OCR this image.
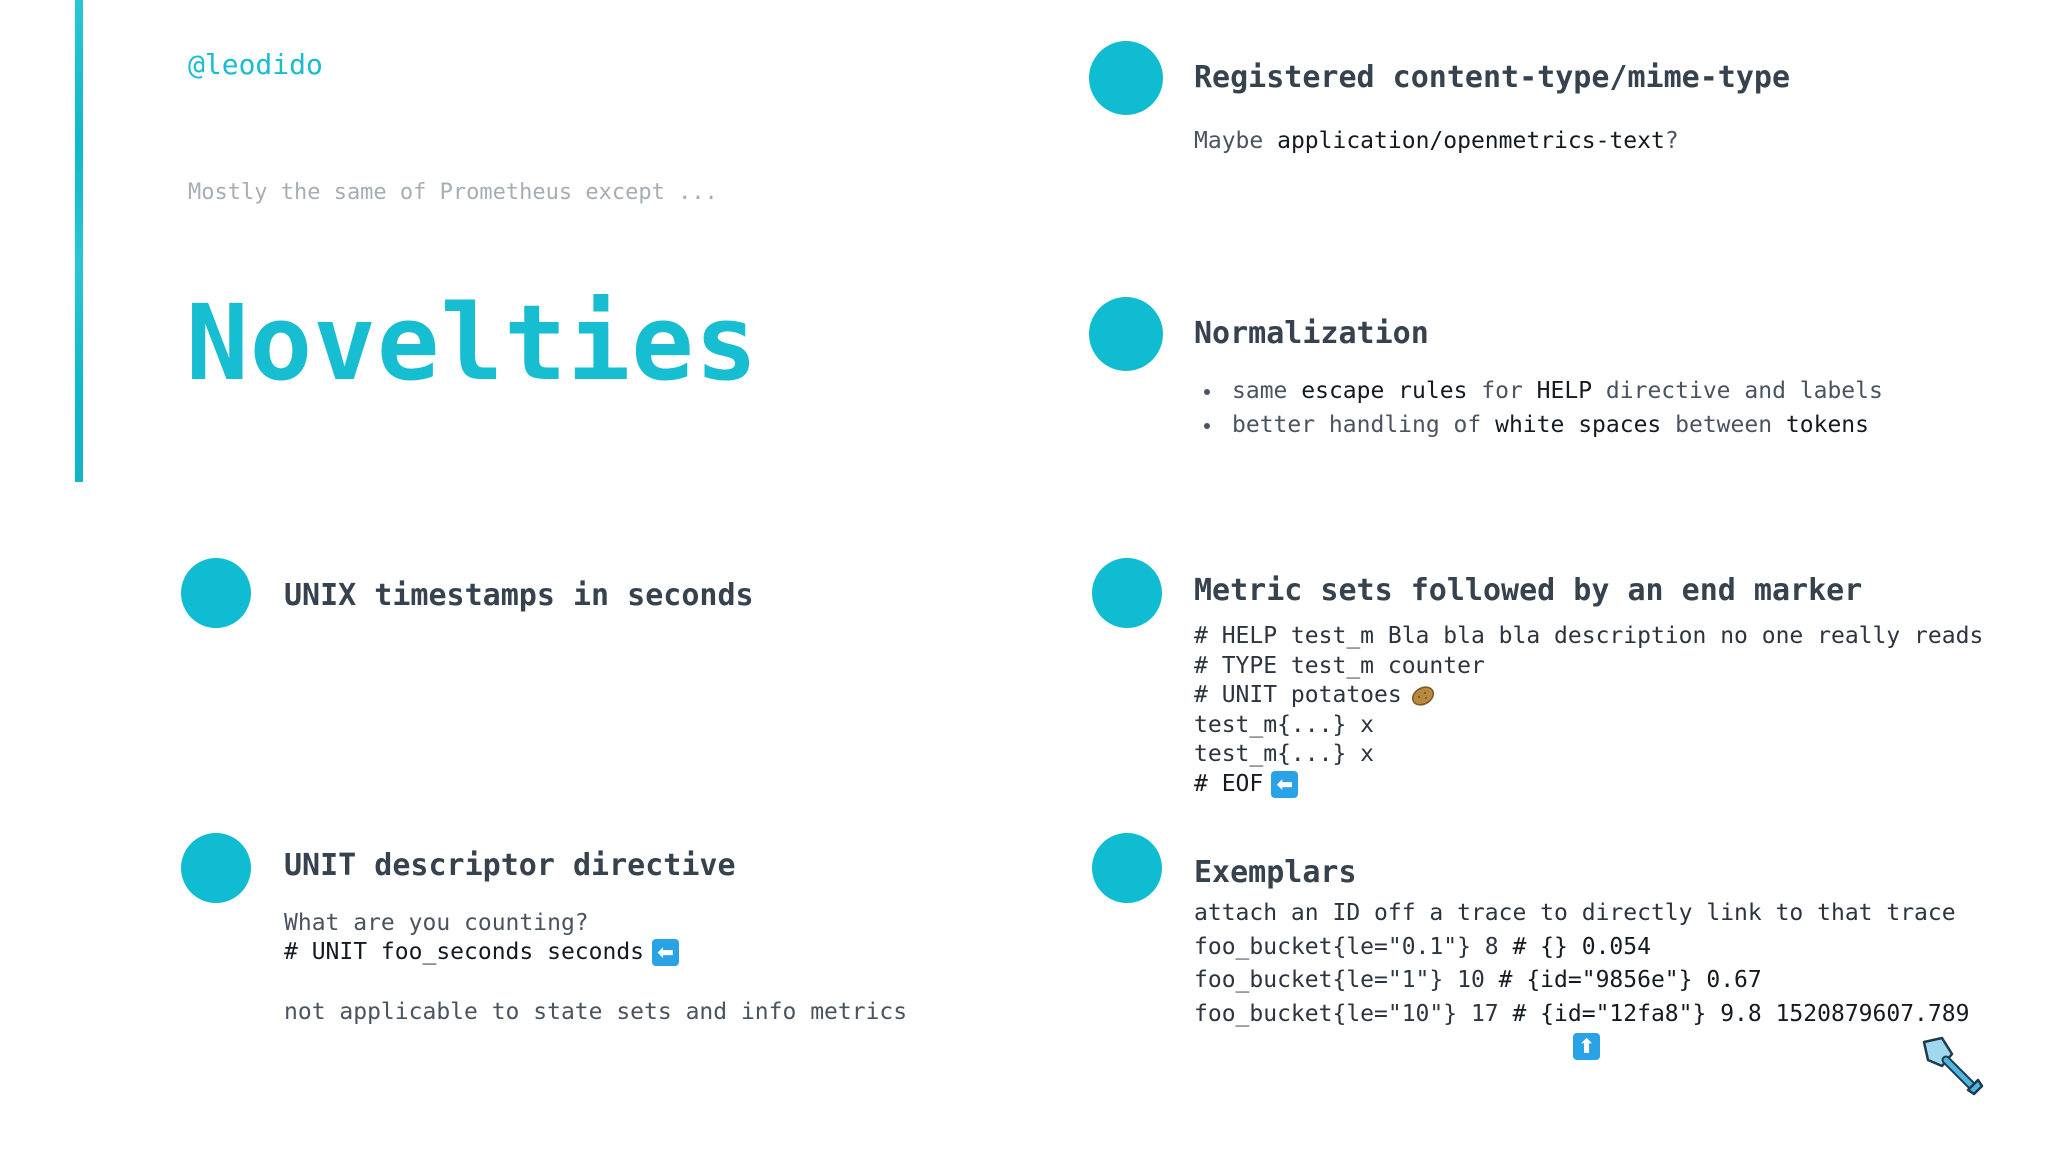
@leodido
Mostly the same of Prometheus except ...
Novelties
Registered content-type/mime-type
Maybe application/openmetrics-text?
Normalization
same escape rules for HELP directive and labels
better handling of white spaces between tokens
UNIX timestamps in seconds	Metric sets followed by an end marker
# HELP test_m Bla bla bla description no one really reads
# TYPE test_m counter
# UNIT potatoes
test_m{...} x
test_m{...} x
# EOF ⬅
UNIT descriptor directive
What are you counting?
# UNIT foo_seconds seconds ⬅
not applicable to state sets and info metrics
Exemplars
attach an ID off a trace to directly link to that trace
foo_bucket{le="0.1"} 8 # {} 0.054
foo_bucket{le="1"} 10 # {id="9856e"} 0.67
foo_bucket{le="10"} 17 # {id="12fa8"} 9.8 1520879607.789
⬆
